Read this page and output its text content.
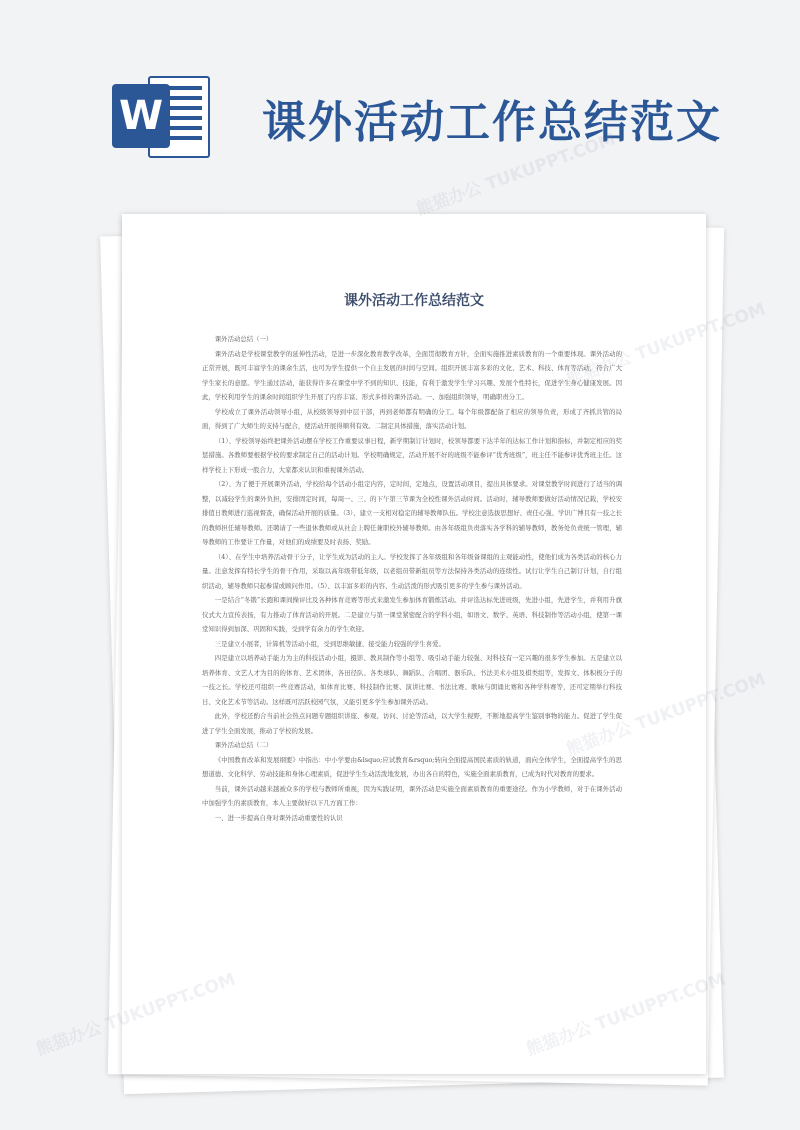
W 课外活动工作总结范文
课外活动工作总结范文

课外活动总结（一）

课外活动是学校课堂教学的延伸性活动，是进一步深化教育教学改革，全面贯彻教育方针，全面实施推进素质教育的一个重要体现。课外活动的正常开展，既可丰富学生的课余生活，也可为学生提供一个自主发展的时间与空间。组织开展丰富多彩的文化、艺术、科技、体育等活动，符合广大学生家长的意愿。学生通过活动，能获得许多在课堂中学不到的知识、技能，有利于激发学生学习兴趣、发展个性特长，促进学生身心健康发展。因此，学校利用学生的课余时间组织学生开展了内容丰富、形式多样的课外活动。一、加强组织领导，明确职责分工。

学校成立了课外活动领导小组，从校级领导到中层干部，再到老师都有明确的分工。每个年级都配备了相应的领导负责，形成了齐抓共管的局面，得到了广大师生的支持与配合，使活动开展得顺利有效。二制定具体措施，落实活动计划。

（1）、学校领导始终把课外活动摆在学校工作重要议事日程，新学期制订计划时，校领导都要下达半年的达标工作计划和指标，并制定相应的奖惩措施。各教师要根据学校的要求制定自己的活动计划。学校明确规定，活动开展不好的班级不能参评“优秀班级”，班主任不能参评优秀班主任。这样学校上下形成一股合力，大家都来认识和重视课外活动。

（2）、为了便于开展课外活动，学校给每个活动小组定内容，定时间，定地点，设置活动项目，提出具体要求。对课堂教学时间进行了适当的调整，以减轻学生的课外负担，安排固定时间，每周一、三、的下午第三节课为全校性课外活动时间。活动时，辅导教师要做好活动情况记载，学校安排值日教师进行巡视督查，确保活动开展的质量。（3）、建立一支相对稳定的辅导教师队伍。学校注意选拔思想好、责任心强、学识广博且有一技之长的教师担任辅导教师。还聘请了一些退休教师或从社会上聘任兼职校外辅导教师。由各年级组负责落实各学科的辅导教师，教务处负责统一管理，辅导教师的工作要计工作量，对他们的成绩要及时表扬、奖励。

（4）、在学生中培养活动骨干分子，让学生成为活动的主人。学校发挥了各年级组和各年级备课组的主观能动性，使他们成为各类活动的核心力量。注意发挥有特长学生的骨干作用，采取以高年级带低年级，以老组员带新组员等方法保持各类活动的连续性。试行让学生自己制订计划，自行组织活动，辅导教师只起参谋或顾问作用。（5）、以丰富多彩的内容、生动活泼的形式吸引更多的学生参与课外活动。

一是结合“冬锻”长跑和课间操评比及各种体育竞赛等形式来激发生参加体育锻炼活动。并评选达标先进班级，先进小组，先进学生，并利用升旗仪式大力宣传表扬，有力推动了体育活动的开展。二是建立与第一课堂紧密配合的学科小组，如语文、数学、英语、科技制作等活动小组，使第一课堂知识得到加深、巩固和实践，受到学有余力的学生欢迎。

三是建立小展者，计算机等活动小组，受到思维敏捷、接受能力较强的学生喜爱。

四是建立以培养动手能力为主的科技活动小组，摄影、教具制作等小组等、吸引动手能力较强、对科技有一定兴趣的很多学生参加。五是建立以培养体育、文艺人才为目的的体育、艺术团体，各田径队、各类球队、舞蹈队、合唱团、器乐队、书法美术小组及棋类组等，发挥文、体积极分子的一技之长。学校还可组织一些竞赛活动，如体育比赛、科技制作比赛、演讲比赛、书法比赛、歌咏与朗诵比赛和各种学科赛等，还可定期举行科技日、文化艺术节等活动。这样既可活跃校园气氛，又能引更多学生参加课外活动。

此外，学校还酌合当前社会热点问题专题组织讲座、参观、访问、讨论等活动，以大学生视野，不断地提高学生鉴别事物的能力。促进了学生促进了学生全面发展，推动了学校的发展。

课外活动总结（二）

《中国教育改革和发展纲要》中指出：中小学要由&lsquo;应试教育&rsquo;转向全面提高国民素质的轨道，面向全体学生，全面提高学生的思想道德、文化科学、劳动技能和身体心理素质，促进学生生动活泼地发展，办出各自的特色，实施全面素质教育，已成为时代对教育的要求。

当前，课外活动越来越被众多的学校与教师所重视，因为实践证明，课外活动是实施全面素质教育的重要途径。作为小学教师，对于在课外活动中加强学生的素质教育，本人主要做好以下几方面工作：

一、进一步提高自身对课外活动重要性的认识

熊猫办公 TUKUPPT.COM
熊猫办公
